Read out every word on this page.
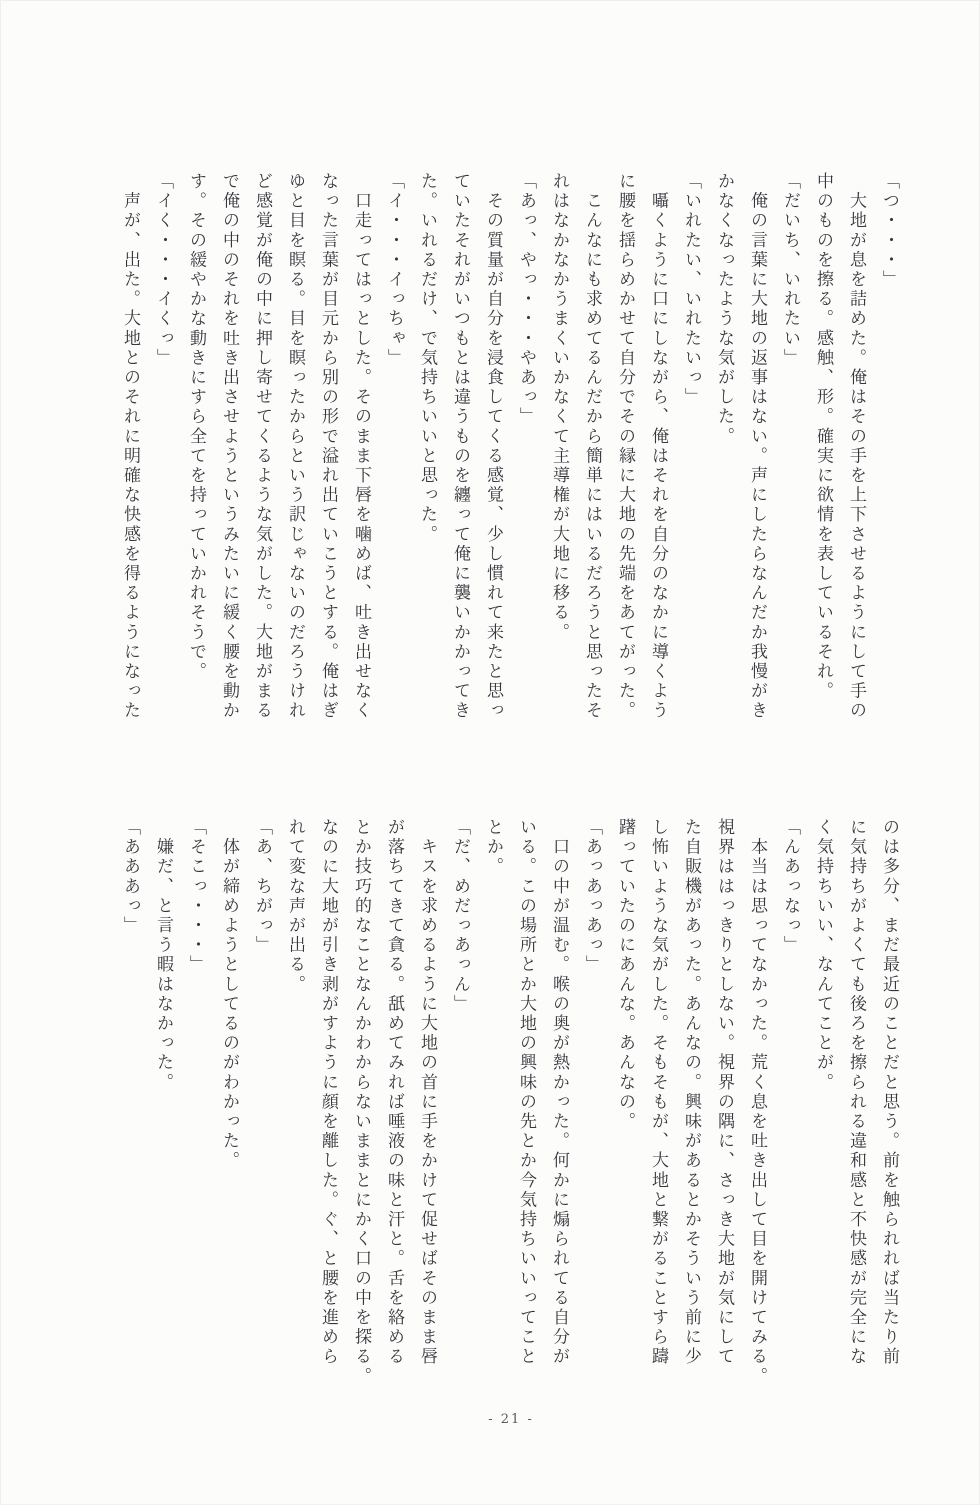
「つ・・・」

　大地が息を詰めた。俺はその手を上下させるようにして手の

中のものを擦る。感触、形。確実に欲情を表しているそれ。

「だいち、いれたい」

　俺の言葉に大地の返事はない。声にしたらなんだか我慢がき

かなくなったような気がした。

「いれたい、いれたいっ」

　囁くように口にしながら、俺はそれを自分のなかに導くよう

に腰を揺らめかせて自分でその縁に大地の先端をあてがった。

　こんなにも求めてるんだから簡単にはいるだろうと思ったそ

れはなかなかうまくいかなくて主導権が大地に移る。

「あっ、やっ・・・やあっ」

　その質量が自分を浸食してくる感覚、少し慣れて来たと思っ

ていたそれがいつもとは違うものを纏って俺に襲いかかってき

た。いれるだけ、で気持ちいいと思った。

「イ・・・イっちゃ」

　口走ってはっとした。そのまま下唇を噛めば、吐き出せなく

なった言葉が目元から別の形で溢れ出ていこうとする。俺はぎ

ゆと目を瞑る。目を瞑ったからという訳じゃないのだろうけれ

ど感覚が俺の中に押し寄せてくるような気がした。大地がまる

で俺の中のそれを吐き出させようというみたいに緩く腰を動か

す。その緩やかな動きにすら全てを持っていかれそうで。

「イく・・・イくっ」

　声が、出た。大地とのそれに明確な快感を得るようになった

のは多分、まだ最近のことだと思う。前を触られれば当たり前

に気持ちがよくても後ろを擦られる違和感と不快感が完全にな

く気持ちいい、なんてことが。

「んあっなっ」

　本当は思ってなかった。荒く息を吐き出して目を開けてみる。

視界ははっきりとしない。視界の隅に、さっき大地が気にして

た自販機があった。あんなの。興味があるとかそういう前に少

し怖いような気がした。そもそもが、大地と繋がることすら躊

躇っていたのにあんな。あんなの。

「あっあっあっ」

　口の中が温む。喉の奥が熱かった。何かに煽られてる自分が

いる。この場所とか大地の興味の先とか今気持ちいいってこと

とか。

「だ、めだっあっん」

　キスを求めるように大地の首に手をかけて促せばそのまま唇

が落ちてきて貪る。舐めてみれば唾液の味と汗と。舌を絡める

とか技巧的なことなんかわからないままとにかく口の中を探る。

なのに大地が引き剥がすように顔を離した。ぐ、と腰を進めら

れて変な声が出る。

「あ、ちがっ」

　体が締めようとしてるのがわかった。

「そこっ・・・」

　嫌だ、と言う暇はなかった。

「あああっ」

- 21 -
